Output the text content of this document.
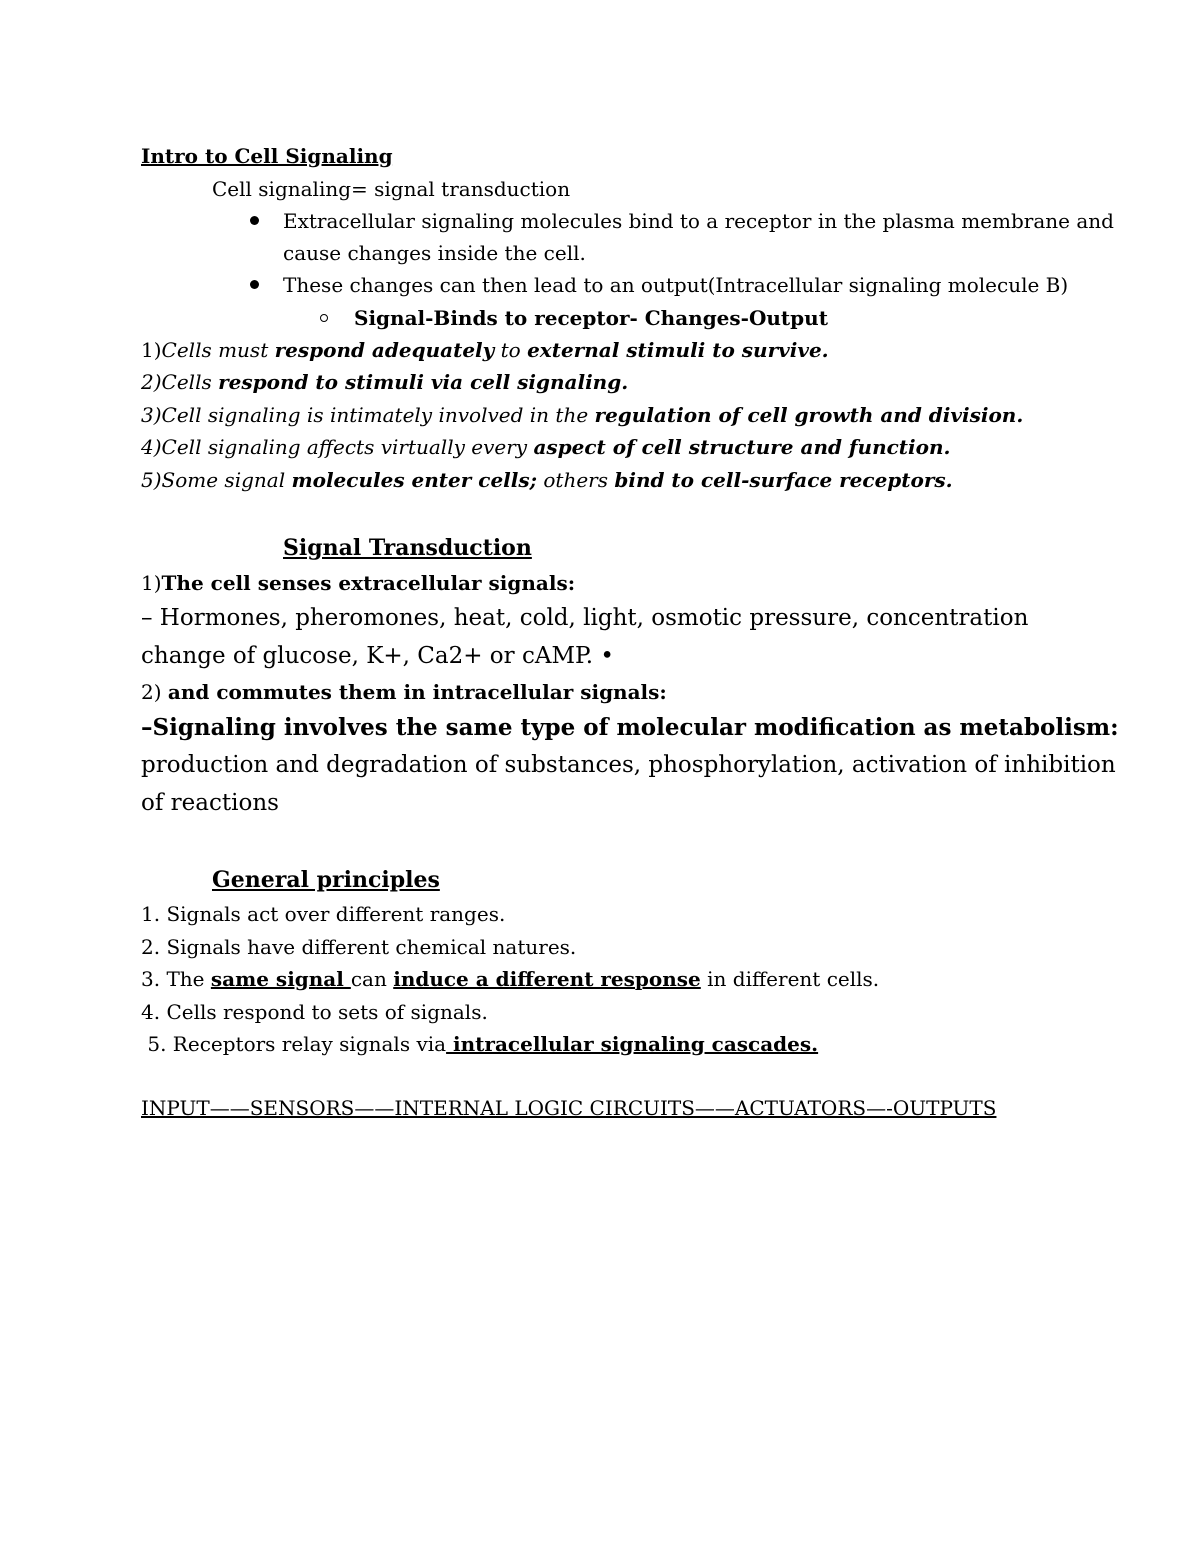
Intro to Cell Signaling
Cell signaling= signal transduction
Extracellular signaling molecules bind to a receptor in the plasma membrane and
cause changes inside the cell.
These changes can then lead to an output(Intracellular signaling molecule B)
Signal-Binds to receptor- Changes-Output
1)Cells must respond adequately to external stimuli to survive.
2)Cells respond to stimuli via cell signaling.
3)Cell signaling is intimately involved in the regulation of cell growth and division.
4)Cell signaling affects virtually every aspect of cell structure and function.
5)Some signal molecules enter cells; others bind to cell-surface receptors.
Signal Transduction
1)The cell senses extracellular signals:
– Hormones, pheromones, heat, cold, light, osmotic pressure, concentration
change of glucose, K+, Ca2+ or cAMP. •
2) and commutes them in intracellular signals:
–Signaling involves the same type of molecular modification as metabolism:
production and degradation of substances, phosphorylation, activation of inhibition
of reactions
General principles
1. Signals act over different ranges.
2. Signals have different chemical natures.
3. The same signal can induce a different response in different cells.
4. Cells respond to sets of signals.
5. Receptors relay signals via intracellular signaling cascades.
INPUT——SENSORS——INTERNAL LOGIC CIRCUITS——ACTUATORS—-OUTPUTS
